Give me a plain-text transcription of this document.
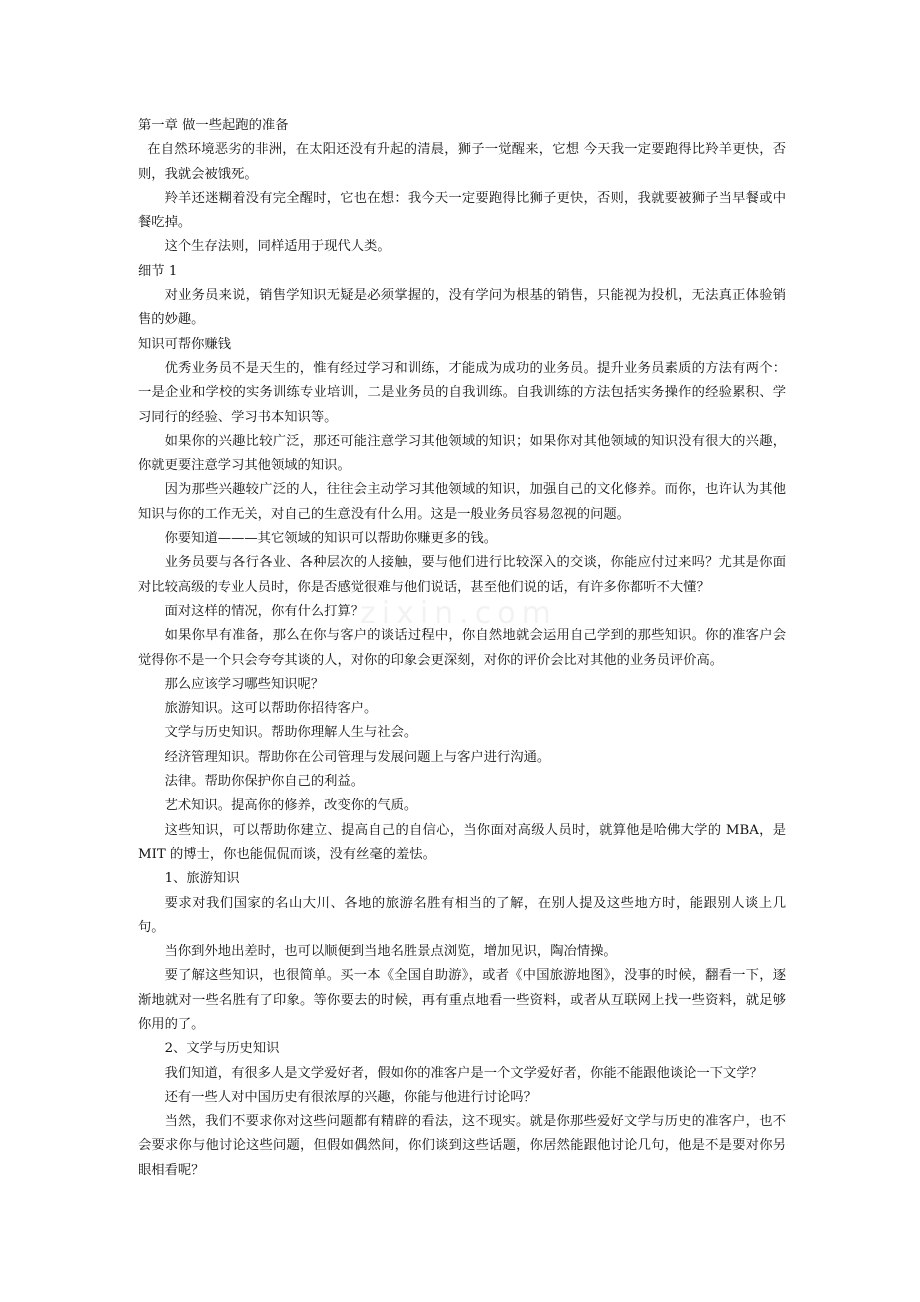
zixin.com

第一章 做一些起跑的准备

在自然环境恶劣的非洲，在太阳还没有升起的清晨，狮子一觉醒来，它想 今天我一定要跑得比羚羊更快，否则，我就会被饿死。

羚羊还迷糊着没有完全醒时，它也在想：我今天一定要跑得比狮子更快，否则，我就要被狮子当早餐或中餐吃掉。

这个生存法则，同样适用于现代人类。

细节 1

对业务员来说，销售学知识无疑是必须掌握的，没有学问为根基的销售，只能视为投机，无法真正体验销售的妙趣。

知识可帮你赚钱

优秀业务员不是天生的，惟有经过学习和训练，才能成为成功的业务员。提升业务员素质的方法有两个：一是企业和学校的实务训练专业培训，二是业务员的自我训练。自我训练的方法包括实务操作的经验累积、学习同行的经验、学习书本知识等。

如果你的兴趣比较广泛，那还可能注意学习其他领域的知识；如果你对其他领域的知识没有很大的兴趣，你就更要注意学习其他领域的知识。

因为那些兴趣较广泛的人，往往会主动学习其他领域的知识，加强自己的文化修养。而你，也许认为其他知识与你的工作无关，对自己的生意没有什么用。这是一般业务员容易忽视的问题。

你要知道———其它领域的知识可以帮助你赚更多的钱。

业务员要与各行各业、各种层次的人接触，要与他们进行比较深入的交谈，你能应付过来吗？尤其是你面对比较高级的专业人员时，你是否感觉很难与他们说话，甚至他们说的话，有许多你都听不大懂？

面对这样的情况，你有什么打算？

如果你早有准备，那么在你与客户的谈话过程中，你自然地就会运用自己学到的那些知识。你的准客户会觉得你不是一个只会夸夸其谈的人，对你的印象会更深刻，对你的评价会比对其他的业务员评价高。

那么应该学习哪些知识呢？

旅游知识。这可以帮助你招待客户。

文学与历史知识。帮助你理解人生与社会。

经济管理知识。帮助你在公司管理与发展问题上与客户进行沟通。

法律。帮助你保护你自己的利益。

艺术知识。提高你的修养，改变你的气质。

这些知识，可以帮助你建立、提高自己的自信心，当你面对高级人员时，就算他是哈佛大学的 MBA，是 MIT 的博士，你也能侃侃而谈，没有丝毫的羞怯。

1、旅游知识

要求对我们国家的名山大川、各地的旅游名胜有相当的了解，在别人提及这些地方时，能跟别人谈上几句。

当你到外地出差时，也可以顺便到当地名胜景点浏览，增加见识，陶冶情操。

要了解这些知识，也很简单。买一本《全国自助游》，或者《中国旅游地图》，没事的时候，翻看一下，逐渐地就对一些名胜有了印象。等你要去的时候，再有重点地看一些资料，或者从互联网上找一些资料，就足够你用的了。

2、文学与历史知识

我们知道，有很多人是文学爱好者，假如你的准客户是一个文学爱好者，你能不能跟他谈论一下文学？

还有一些人对中国历史有很浓厚的兴趣，你能与他进行讨论吗？

当然，我们不要求你对这些问题都有精辟的看法，这不现实。就是你那些爱好文学与历史的准客户，也不会要求你与他讨论这些问题，但假如偶然间，你们谈到这些话题，你居然能跟他讨论几句，他是不是要对你另眼相看呢？
